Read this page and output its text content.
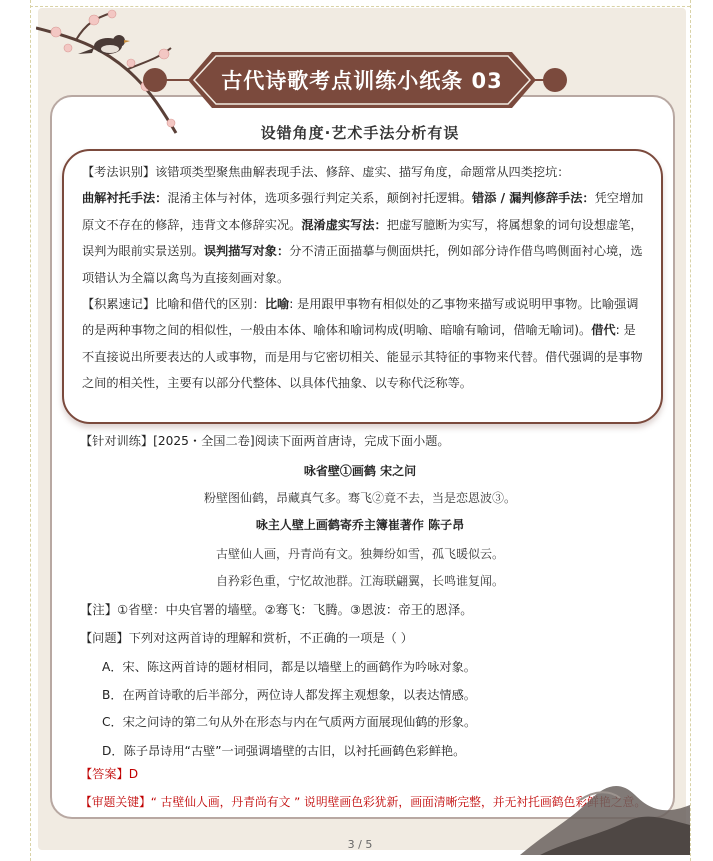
古代诗歌考点训练小纸条 03
设错角度·艺术手法分析有误

【考法识别】该错项类型聚焦曲解表现手法、修辞、虚实、描写角度，命题常从四类挖坑：

曲解衬托手法：混淆主体与衬体，选项多强行判定关系，颠倒衬托逻辑。错添 / 漏判修辞手法：凭空增加原文不存在的修辞，违背文本修辞实况。混淆虚实写法：把虚写臆断为实写，将属想象的词句设想虚笔，误判为眼前实景送别。误判描写对象：分不清正面描摹与侧面烘托，例如部分诗作借鸟鸣侧面衬心境，选项错认为全篇以禽鸟为直接刻画对象。

【积累速记】比喻和借代的区别：比喻: 是用跟甲事物有相似处的乙事物来描写或说明甲事物。比喻强调的是两种事物之间的相似性，一般由本体、喻体和喻词构成(明喻、暗喻有喻词，借喻无喻词)。借代: 是不直接说出所要表达的人或事物，而是用与它密切相关、能显示其特征的事物来代替。借代强调的是事物之间的相关性，主要有以部分代整体、以具体代抽象、以专称代泛称等。

【针对训练】[2025・全国二卷]阅读下面两首唐诗，完成下面小题。
咏省壁①画鹤 宋之问
粉壁图仙鹤，昂藏真气多。骞飞②竟不去，当是恋恩波③。
咏主人壁上画鹤寄乔主簿崔著作 陈子昂
古壁仙人画，丹青尚有文。独舞纷如雪，孤飞暖似云。
自矜彩色重，宁忆故池群。江海联翩翼，长鸣谁复闻。
【注】①省壁：中央官署的墙壁。②骞飞：飞腾。③恩波：帝王的恩泽。
【问题】下列对这两首诗的理解和赏析，不正确的一项是（ ）
A．宋、陈这两首诗的题材相同，都是以墙壁上的画鹤作为吟咏对象。
B．在两首诗歌的后半部分，两位诗人都发挥主观想象，以表达情感。
C．宋之问诗的第二句从外在形态与内在气质两方面展现仙鹤的形象。
D．陈子昂诗用“古壁”一词强调墙壁的古旧，以衬托画鹤色彩鲜艳。
【答案】D
【审题关键】“ 古壁仙人画，丹青尚有文 ” 说明壁画色彩犹新，画面清晰完整，并无衬托画鹤色彩鲜艳之意。
3 / 5
